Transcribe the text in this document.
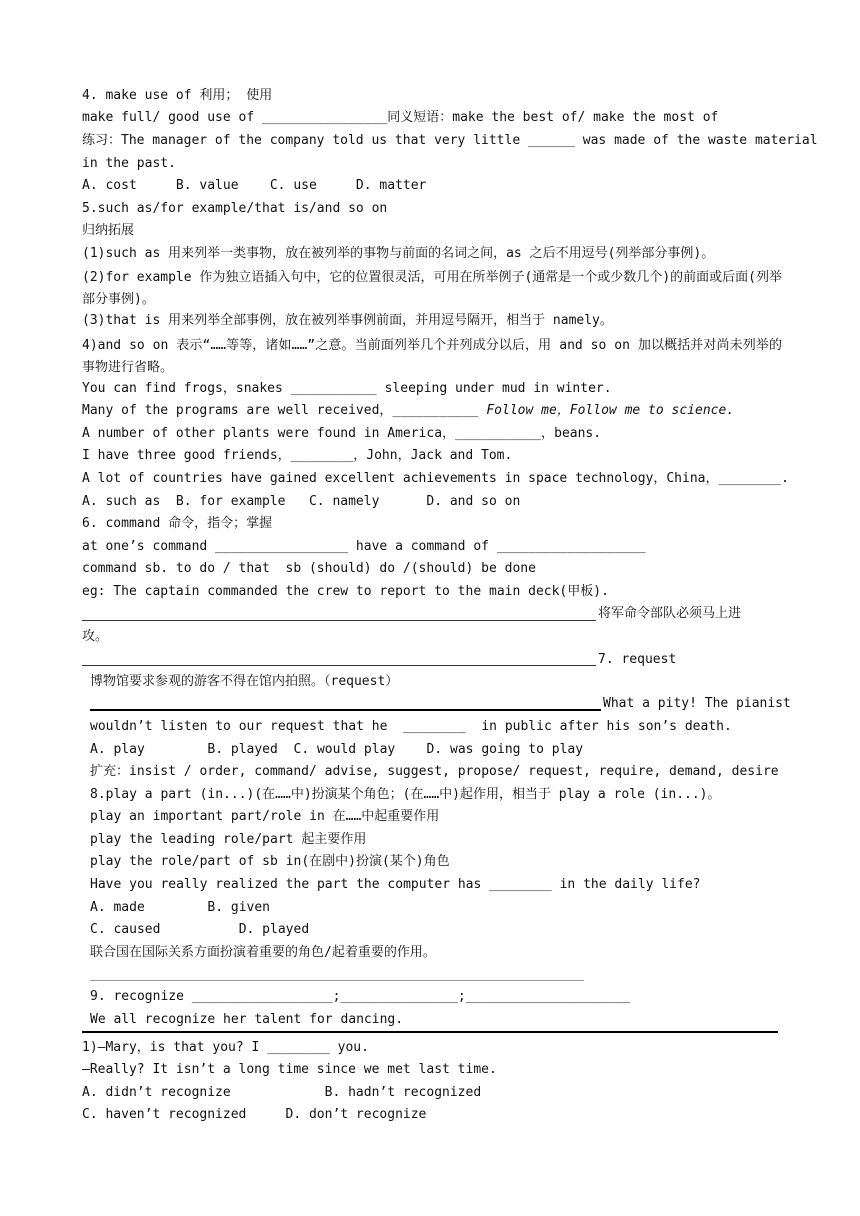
4. make use of 利用； 使用
make full/ good use of ________________同义短语：make the best of/ make the most of
练习：The manager of the company told us that very little ______ was made of the waste material
in the past.
A. cost     B. value    C. use     D. matter
5.such as/for example/that is/and so on
归纳拓展
(1)such as 用来列举一类事物，放在被列举的事物与前面的名词之间，as 之后不用逗号(列举部分事例)。
(2)for example 作为独立语插入句中，它的位置很灵活，可用在所举例子(通常是一个或少数几个)的前面或后面(列举部分事例)。
(3)that is 用来列举全部事例，放在被列举事例前面，并用逗号隔开，相当于 namely。
4)and so on 表示“……等等，诸如……”之意。当前面列举几个并列成分以后，用 and so on 加以概括并对尚未列举的事物进行省略。
You can find frogs，snakes ___________ sleeping under mud in winter.
Many of the programs are well received，___________ Follow me，Follow me to science.
A number of other plants were found in America，___________，beans.
I have three good friends，________，John，Jack and Tom.
A lot of countries have gained excellent achievements in space technology，China，________.
A. such as  B. for example   C. namely      D. and so on
6. command 命令，指令；掌握
at one’s command _________________ have a command of ___________________
command sb. to do / that  sb (should) do /(should) be done
eg: The captain commanded the crew to report to the main deck(甲板).
将军命令部队必须马上进
攻。
7. request
博物馆要求参观的游客不得在馆内拍照。（request）
What a pity! The pianist
wouldn’t listen to our request that he  ________  in public after his son’s death.
A. play        B. played  C. would play    D. was going to play
扩充：insist / order, command/ advise, suggest, propose/ request, require, demand, desire
8.play a part (in...)(在……中)扮演某个角色；(在……中)起作用，相当于 play a role (in...)。
play an important part/role in 在……中起重要作用
play the leading role/part 起主要作用
play the role/part of sb in(在剧中)扮演(某个)角色
Have you really realized the part the computer has ________ in the daily life?
A. made        B. given
C. caused          D. played
联合国在国际关系方面扮演着重要的角色/起着重要的作用。
9. recognize __________________;_______________;_____________________
We all recognize her talent for dancing.
1)—Mary，is that you? I ________ you.
—Really? It isn’t a long time since we met last time.
A. didn’t recognize            B. hadn’t recognized
C. haven’t recognized     D. don’t recognize
